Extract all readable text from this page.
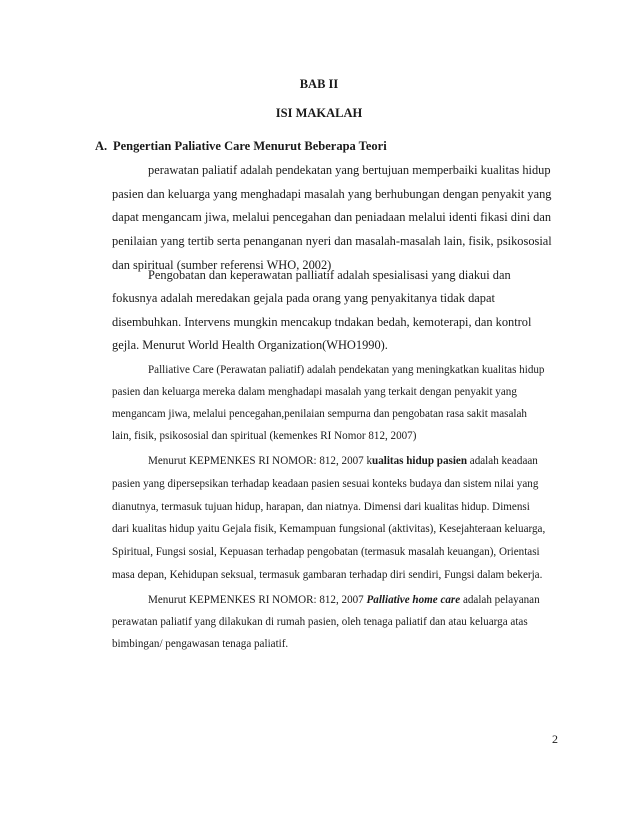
BAB II
ISI MAKALAH
A. Pengertian Paliative Care Menurut Beberapa Teori
perawatan paliatif adalah pendekatan yang bertujuan memperbaiki kualitas hidup
pasien dan keluarga yang menghadapi masalah yang berhubungan dengan penyakit yang
dapat mengancam jiwa, melalui pencegahan dan peniadaan melalui identi fikasi dini dan
penilaian yang tertib serta penanganan nyeri dan masalah-masalah lain, fisik, psikososial
dan spiritual (sumber referensi WHO, 2002)
Pengobatan dan keperawatan palliatif adalah spesialisasi yang diakui dan
fokusnya adalah meredakan gejala pada orang yang penyakitanya tidak dapat
disembuhkan. Intervens mungkin mencakup tndakan bedah, kemoterapi, dan kontrol
gejla. Menurut World Health Organization(WHO1990).
Palliative Care (Perawatan paliatif) adalah pendekatan yang meningkatkan kualitas hidup
pasien dan keluarga mereka dalam menghadapi masalah yang terkait dengan penyakit yang
mengancam jiwa, melalui pencegahan,penilaian sempurna dan pengobatan rasa sakit masalah
lain, fisik, psikososial dan spiritual (kemenkes RI Nomor 812, 2007)
Menurut KEPMENKES RI NOMOR: 812, 2007 kualitas hidup pasien adalah keadaan
pasien yang dipersepsikan terhadap keadaan pasien sesuai konteks budaya dan sistem nilai yang
dianutnya, termasuk tujuan hidup, harapan, dan niatnya. Dimensi dari kualitas hidup. Dimensi
dari kualitas hidup yaitu Gejala fisik, Kemampuan fungsional (aktivitas), Kesejahteraan keluarga,
Spiritual, Fungsi sosial, Kepuasan terhadap pengobatan (termasuk masalah keuangan), Orientasi
masa depan, Kehidupan seksual, termasuk gambaran terhadap diri sendiri, Fungsi dalam bekerja.
Menurut KEPMENKES RI NOMOR: 812, 2007 Palliative home care adalah pelayanan
perawatan paliatif yang dilakukan di rumah pasien, oleh tenaga paliatif dan atau keluarga atas
bimbingan/ pengawasan tenaga paliatif.
2
